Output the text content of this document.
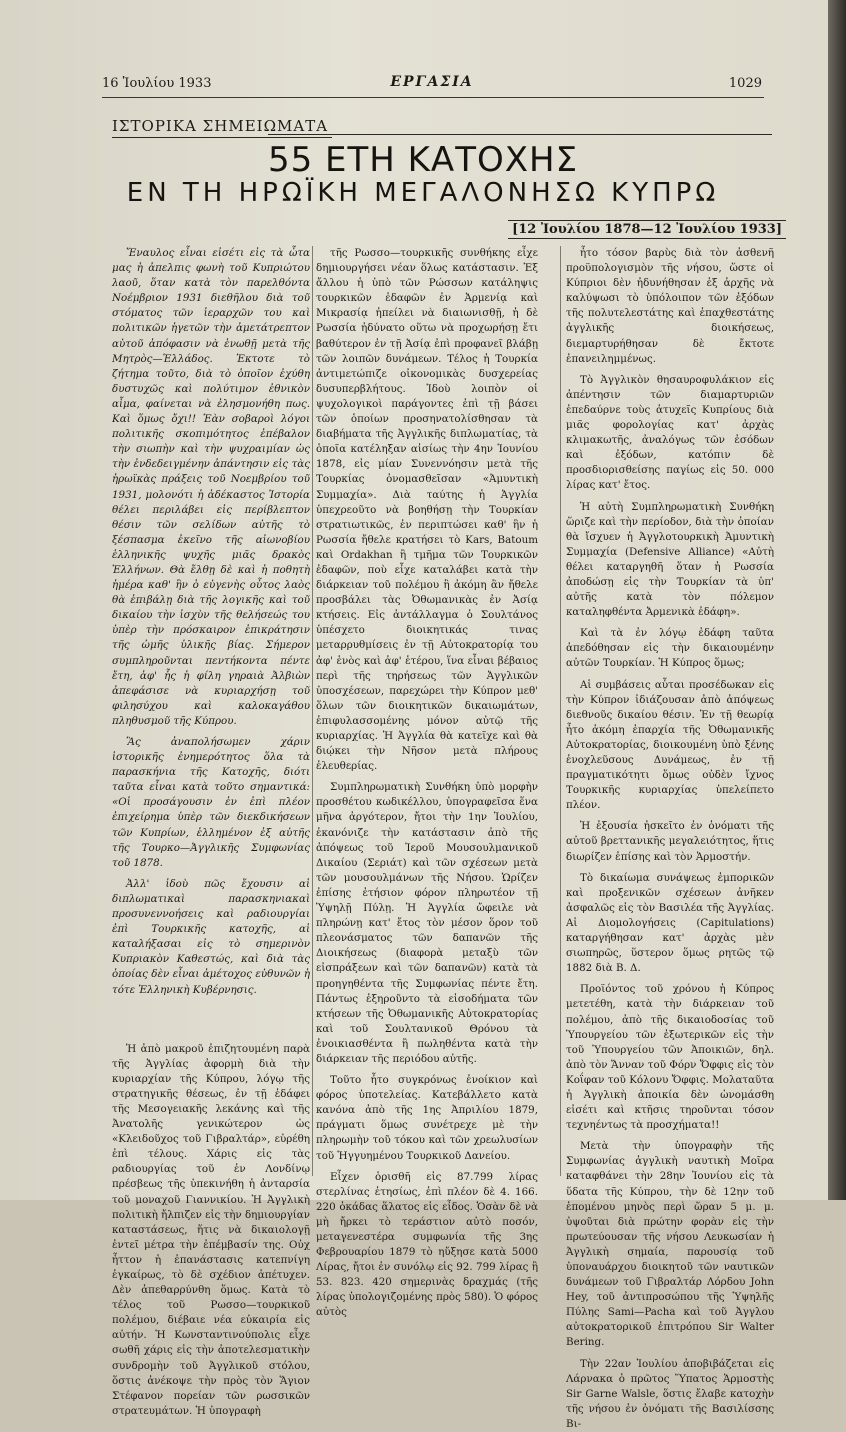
16 Ἰουλίου 1933	ΕΡΓΑΣΙΑ	1029
ΙΣΤΟΡΙΚΑ ΣΗΜΕΙΩΜΑΤΑ
55 ΕΤΗ ΚΑΤΟΧΗΣ
ΕΝ ΤΗ ΗΡΩΪΚΗ ΜΕΓΑΛΟΝΗΣΩ ΚΥΠΡΩ
[12 Ἰουλίου 1878—12 Ἰουλίου 1933]

Ἔναυλος εἶναι εἰσέτι εἰς τὰ ὦτα μας ἡ ἀπελπις φωνὴ τοῦ Κυπριώτου λαοῦ, ὅταν κατὰ τὸν παρελθόντα Νοέμβριον 1931 διεθῆλου διὰ τοῦ στόματος τῶν ἱεραρχῶν του καὶ πολιτικῶν ἡγετῶν τὴν ἀμετάτρεπτον αὐτοῦ ἀπόφασιν νὰ ἑνωθῇ μετὰ τῆς Μητρὸς—Ἑλλάδος. Ἐκτοτε τὸ ζήτημα τοῦτο, διὰ τὸ ὁποῖον ἐχύθη δυστυχῶς καὶ πολύτιμον ἐθνικὸν αἷμα, φαίνεται νὰ ἐλησμονήθη πως. Καὶ ὅμως ὄχι!! Ἐὰν σοβαροὶ λόγοι πολιτικῆς σκοπιμότητος ἐπέβαλον τὴν σιωπὴν καὶ τὴν ψυχραιμίαν ὡς τὴν ἐνδεδειγμένην ἀπάντησιν εἰς τὰς ἡρωϊκὰς πράξεις τοῦ Νοεμβρίου τοῦ 1931, μολονότι ἡ ἀδέκαστος Ἱστορία θέλει περιλάβει εἰς περίβλεπτον θέσιν τῶν σελίδων αὐτῆς τὸ ξέσπασμα ἐκεῖνο τῆς αἰωνοβίου ἑλληνικῆς ψυχῆς μιᾶς δρακὸς Ἑλλήνων. Θὰ ἔλθῃ δὲ καὶ ἡ ποθητὴ ἡμέρα καθ' ἣν ὁ εὐγενὴς οὗτος λαὸς θὰ ἐπιβάλῃ διὰ τῆς λογικῆς καὶ τοῦ δικαίου τὴν ἰσχὺν τῆς θελήσεώς του ὑπὲρ τὴν πρόσκαιρον ἐπικράτησιν τῆς ὠμῆς ὑλικῆς βίας. Σήμερον συμπληροῦνται πεντήκοντα πέντε ἔτη, ἀφ' ἧς ἡ φίλη γηραιὰ Ἀλβιὼν ἀπεφάσισε νὰ κυριαρχήσῃ τοῦ φιλησύχου καὶ καλοκαγάθου πληθυσμοῦ τῆς Κύπρου.

Ἂς ἀναπολήσωμεν χάριν ἱστορικῆς ἐνημερότητος ὅλα τὰ παρασκήνια τῆς Κατοχῆς, διότι ταῦτα εἶναι κατὰ τοῦτο σημαντικά: «Οἱ προσάγουσιν ἐν ἐπὶ πλέον ἐπιχείρημα ὑπὲρ τῶν διεκδικήσεων τῶν Κυπρίων, ἑλλημένον ἐξ αὐτῆς τῆς Τουρκο—Ἀγγλικῆς Συμφωνίας τοῦ 1878.

Ἀλλ' ἰδοὺ πῶς ἔχουσιν αἱ διπλωματικαὶ παρασκηνιακαὶ προσυνεννοήσεις καὶ ραδιουργίαι ἐπὶ Τουρκικῆς κατοχῆς, αἱ καταλήξασαι εἰς τὸ σημερινὸν Κυπριακὸν Καθεστώς, καὶ διὰ τὰς ὁποίας δὲν εἶναι ἀμέτοχος εὐθυνῶν ἡ τότε Ἑλληνικὴ Κυβέρνησις.

Ἡ ἀπὸ μακροῦ ἐπιζητουμένη παρὰ τῆς Ἀγγλίας ἀφορμὴ διὰ τὴν κυριαρχίαν τῆς Κύπρου, λόγῳ τῆς στρατηγικῆς θέσεως, ἐν τῇ ἐδάφει τῆς Μεσογειακῆς λεκάνης καὶ τῆς Ἀνατολῆς γενικώτερον ὡς «Κλειδοῦχος τοῦ Γιβραλτάρ», εὑρέθη ἐπὶ τέλους. Χάρις εἰς τὰς ραδιουργίας τοῦ ἐν Λονδίνῳ πρέσβεως τῆς ὑπεκινήθη ἡ ἀνταρσία τοῦ μοναχοῦ Γιαννικίου. Ἡ Ἀγγλικὴ πολιτικὴ ἤλπιζεν εἰς τὴν δημιουργίαν καταστάσεως, ἥτις νὰ δικαιολογῇ ἐντεῖ μέτρα τὴν ἐπέμβασίν της. Οὐχ ἧττον ἡ ἐπανάστασις κατεπνίγη ἐγκαίρως, τὸ δὲ σχέδιον ἀπέτυχεν. Δὲν ἀπεθαρρύνθη ὅμως. Κατὰ τὸ τέλος τοῦ Ρωσσο—τουρκικοῦ πολέμου, διέβαιε νέα εὐκαιρία εἰς αὐτήν. Ἡ Κωνσταντινούπολις εἶχε σωθῆ χάρις εἰς τὴν ἀποτελεσματικὴν συνδρομὴν τοῦ Ἀγγλικοῦ στόλου, ὅστις ἀνέκοψε τὴν πρὸς τὸν Ἅγιον Στέφανον πορείαν τῶν ρωσσικῶν στρατευμάτων. Ἡ ὑπογραφὴ

τῆς Ρωσσο—τουρκικῆς συνθήκης εἶχε δημιουργήσει νέαν ὅλως κατάστασιν. Ἐξ ἄλλου ἡ ὑπὸ τῶν Ρώσσων κατάληψις τουρκικῶν ἐδαφῶν ἐν Ἀρμενίᾳ καὶ Μικρασίᾳ ἠπείλει νὰ διαιωνισθῇ, ἡ δὲ Ρωσσία ἠδύνατο οὕτω νὰ προχωρήσῃ ἔτι βαθύτερον ἐν τῇ Ἀσίᾳ ἐπὶ προφανεῖ βλάβῃ τῶν λοιπῶν δυνάμεων. Τέλος ἡ Τουρκία ἀντιμετώπιζε οἰκονομικὰς δυσχερείας δυσυπερβλήτους. Ἰδοὺ λοιπὸν οἱ ψυχολογικοὶ παράγοντες ἐπὶ τῇ βάσει τῶν ὁποίων προσηνατολίσθησαν τὰ διαβήματα τῆς Ἀγγλικῆς διπλωματίας, τὰ ὁποῖα κατέληξαν αἰσίως τὴν 4ην Ἰουνίου 1878, εἰς μίαν Συνεννόησιν μετὰ τῆς Τουρκίας ὀνομασθεῖσαν «Ἀμυντικὴ Συμμαχία». Διὰ ταύτης ἡ Ἀγγλία ὑπεχρεοῦτο νὰ βοηθήσῃ τὴν Τουρκίαν στρατιωτικῶς, ἐν περιπτώσει καθ' ἣν ἡ Ρωσσία ἤθελε κρατήσει τὸ Kars, Batoum καὶ Ordakhan ἢ τμῆμα τῶν Τουρκικῶν ἐδαφῶν, ποὺ εἶχε καταλάβει κατὰ τὴν διάρκειαν τοῦ πολέμου ἢ ἀκόμη ἂν ἤθελε προσβάλει τὰς Ὀθωμανικὰς ἐν Ἀσίᾳ κτήσεις. Εἰς ἀντάλλαγμα ὁ Σουλτάνος ὑπέσχετο διοικητικάς τινας μεταρρυθμίσεις ἐν τῇ Αὐτοκρατορίᾳ του ἀφ' ἑνὸς καὶ ἀφ' ἑτέρου, ἵνα εἶναι βέβαιος περὶ τῆς τηρήσεως τῶν Ἀγγλικῶν ὑποσχέσεων, παρεχώρει τὴν Κύπρον μεθ' ὅλων τῶν διοικητικῶν δικαιωμάτων, ἐπιφυλασσομένης μόνον αὐτῷ τῆς κυριαρχίας. Ἡ Ἀγγλία θὰ κατεῖχε καὶ θὰ διῴκει τὴν Νῆσον μετὰ πλήρους ἐλευθερίας.

Συμπληρωματικὴ Συνθήκη ὑπὸ μορφὴν προσθέτου κωδικέλλου, ὑπογραφεῖσα ἕνα μῆνα ἀργότερον, ἤτοι τὴν 1ην Ἰουλίου, ἐκανόνιζε τὴν κατάστασιν ἀπὸ τῆς ἀπόψεως τοῦ Ἱεροῦ Μουσουλμανικοῦ Δικαίου (Σεριάτ) καὶ τῶν σχέσεων μετὰ τῶν μουσουλμάνων τῆς Νήσου. Ὡρίζεν ἐπίσης ἐτήσιον φόρον πληρωτέον τῇ Ὑψηλῇ Πύλῃ. Ἡ Ἀγγλία ὤφειλε νὰ πληρώνῃ κατ' ἔτος τὸν μέσον ὅρον τοῦ πλεονάσματος τῶν δαπανῶν τῆς Διοικήσεως (διαφορὰ μεταξὺ τῶν εἰσπράξεων καὶ τῶν δαπανῶν) κατὰ τὰ προηγηθέντα τῆς Συμφωνίας πέντε ἔτη. Πάντως ἐξηροῦντο τὰ εἰσοδήματα τῶν κτήσεων τῆς Ὀθωμανικῆς Αὐτοκρατορίας καὶ τοῦ Σουλτανικοῦ Θρόνου τὰ ἐνοικιασθέντα ἢ πωληθέντα κατὰ τὴν διάρκειαν τῆς περιόδου αὐτῆς.

Τοῦτο ἦτο συγκρόνως ἐνοίκιον καὶ φόρος ὑποτελείας. Κατεβάλλετο κατὰ κανόνα ἀπὸ τῆς 1ης Ἀπριλίου 1879, πράγματι ὅμως συνέτρεχε μὲ τὴν πληρωμὴν τοῦ τόκου καὶ τῶν χρεωλυσίων τοῦ Ἡγγυημένου Τουρκικοῦ Δανείου.

Εἶχεν ὁρισθῆ εἰς 87.799 λίρας στερλίνας ἐτησίως, ἐπὶ πλέον δὲ 4. 166. 220 ὀκάδας ἅλατος εἰς εἶδος. Ὁσὰν δὲ νὰ μὴ ἤρκει τὸ τεράστιον αὐτὸ ποσόν, μεταγενεστέρα συμφωνία τῆς 3ης Φεβρουαρίου 1879 τὸ ηὔξησε κατὰ 5000 Λίρας, ἤτοι ἐν συνόλῳ εἰς 92. 799 λίρας ἢ 53. 823. 420 σημερινὰς δραχμάς (τῆς λίρας ὑπολογιζομένης πρὸς 580). Ὁ φόρος αὐτὸς

ἦτο τόσον βαρὺς διὰ τὸν ἀσθενῆ προϋπολογισμὸν τῆς νήσου, ὥστε οἱ Κύπριοι δὲν ἠδυνήθησαν ἐξ ἀρχῆς νὰ καλύψωσι τὸ ὑπόλοιπον τῶν ἐξόδων τῆς πολυτελεστάτης καὶ ἐπαχθεστάτης ἀγγλικῆς διοικήσεως, διεμαρτυρήθησαν δὲ ἔκτοτε ἐπανειλημμένως.

Τὸ Ἀγγλικὸν θησαυροφυλάκιον εἰς ἀπέντησιν τῶν διαμαρτυριῶν ἐπεδαύρνε τοὺς ἀτυχεῖς Κυπρίους διὰ μιᾶς φορολογίας κατ' ἀρχὰς κλιμακωτῆς, ἀναλόγως τῶν ἐσόδων καὶ ἐξόδων, κατόπιν δὲ προσδιορισθείσης παγίως εἰς 50. 000 λίρας κατ' ἔτος.

Ἡ αὐτὴ Συμπληρωματικὴ Συνθήκη ὥριζε καὶ τὴν περίοδον, διὰ τὴν ὁποίαν θὰ ἴσχυεν ἡ Ἀγγλοτουρκικὴ Ἀμυντικὴ Συμμαχία (Defensive Alliance) «Αὐτὴ θέλει καταργηθῆ ὅταν ἡ Ρωσσία ἀποδώσῃ εἰς τὴν Τουρκίαν τὰ ὑπ' αὐτῆς κατὰ τὸν πόλεμον καταληφθέντα Ἀρμενικὰ ἐδάφη».

Καὶ τὰ ἐν λόγῳ ἐδάφη ταῦτα ἀπεδόθησαν εἰς τὴν δικαιουμένην αὐτῶν Τουρκίαν. Ἡ Κύπρος ὅμως;

Αἱ συμβάσεις αὗται προσέδωκαν εἰς τὴν Κύπρον ἰδιάζουσαν ἀπὸ ἀπόψεως διεθνοῦς δικαίου θέσιν. Ἐν τῇ θεωρίᾳ ἦτο ἀκόμη ἐπαρχία τῆς Ὀθωμανικῆς Αὐτοκρατορίας, διοικουμένη ὑπὸ ξένης ἐνοχλεῦσους Δυνάμεως, ἐν τῇ πραγματικότητι ὅμως οὐδὲν ἴχνος Τουρκικῆς κυριαρχίας ὑπελείπετο πλέον.

Ἡ ἐξουσία ἠσκεῖτο ἐν ὀνόματι τῆς αὐτοῦ βρεττανικῆς μεγαλειότητος, ἥτις διωρίζεν ἐπίσης καὶ τὸν Ἁρμοστήν.

Τὸ δικαίωμα συνάψεως ἐμπορικῶν καὶ προξενικῶν σχέσεων ἀνῆκεν ἀσφαλῶς εἰς τὸν Βασιλέα τῆς Ἀγγλίας. Αἱ Διομολογήσεις (Capitulations) καταργήθησαν κατ' ἀρχὰς μὲν σιωπηρῶς, ὕστερον ὅμως ρητῶς τῷ 1882 διὰ Β. Δ.

Προϊόντος τοῦ χρόνου ἡ Κύπρος μετετέθη, κατὰ τὴν διάρκειαν τοῦ πολέμου, ἀπὸ τῆς δικαιοδοσίας τοῦ Ὑπουργείου τῶν ἐξωτερικῶν εἰς τὴν τοῦ Ὑπουργείου τῶν Ἀποικιῶν, δηλ. ἀπὸ τὸν Ἄνναν τοῦ Φόρν Ὄφφις εἰς τὸν Κοΐφαν τοῦ Κόλονυ Ὄφφις. Μολαταῦτα ἡ Ἀγγλικὴ ἀποικία δὲν ὠνομάσθη εἰσέτι καὶ κτῆσις τηροῦνται τόσον τεχνηέντως τὰ προσχήματα!!

Μετὰ τὴν ὑπογραφὴν τῆς Συμφωνίας ἀγγλικὴ ναυτικὴ Μοῖρα καταφθάνει τὴν 28ην Ἰουνίου εἰς τὰ ὕδατα τῆς Κύπρου, τὴν δὲ 12ην τοῦ ἑπομένου μηνὸς περὶ ὥραν 5 μ. μ. ὑψοῦται διὰ πρώτην φορὰν εἰς τὴν πρωτεύουσαν τῆς νήσου Λευκωσίαν ἡ Ἀγγλικὴ σημαία, παρουσίᾳ τοῦ ὑποναυάρχου διοικητοῦ τῶν ναυτικῶν δυνάμεων τοῦ Γιβραλτάρ Λόρδου John Hey, τοῦ ἀντιπροσώπου τῆς Ὑψηλῆς Πύλης Sami—Pacha καὶ τοῦ Ἀγγλου αὐτοκρατορικοῦ ἐπιτρόπου Sir Walter Bering.

Τὴν 22αν Ἰουλίου ἀποβιβάζεται εἰς Λάρνακα ὁ πρῶτος Ὕπατος Ἁρμοστὴς Sir Garne Walsle, ὅστις ἔλαβε κατοχὴν τῆς νήσου ἐν ὀνόματι τῆς Βασιλίσσης Βι-
